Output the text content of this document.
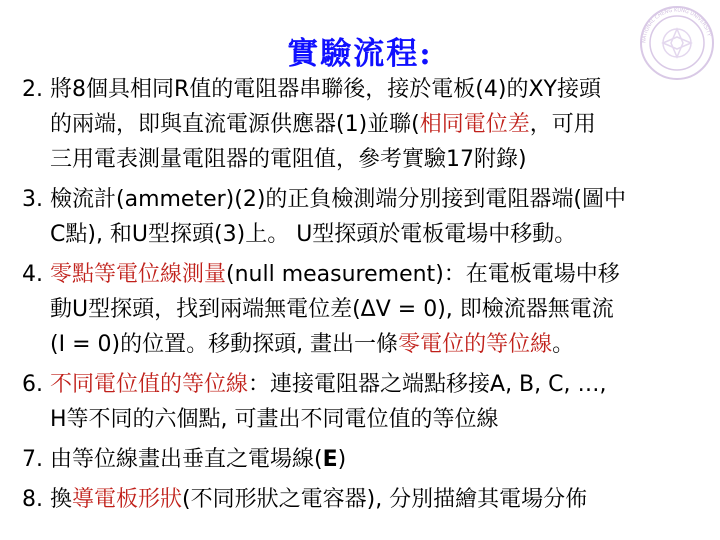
實驗流程:	NATIONAL CHENG KUNG UNIVERSITY
2. 將8個具相同R值的電阻器串聯後，接於電板(4)的XY接頭
的兩端，即與直流電源供應器(1)並聯(相同電位差，可用
三用電表測量電阻器的電阻值，參考實驗17附錄)
3. 檢流計(ammeter)(2)的正負檢測端分別接到電阻器端(圖中
C點), 和U型探頭(3)上。 U型探頭於電板電場中移動。
4. 零點等電位線測量(null measurement)：在電板電場中移
動U型探頭，找到兩端無電位差(ΔV = 0), 即檢流器無電流
(I = 0)的位置。移動探頭, 畫出一條零電位的等位線。
6. 不同電位值的等位線：連接電阻器之端點移接A, B, C, …,
H等不同的六個點, 可畫出不同電位值的等位線
7. 由等位線畫出垂直之電場線(E)
8. 換導電板形狀(不同形狀之電容器), 分別描繪其電場分佈
